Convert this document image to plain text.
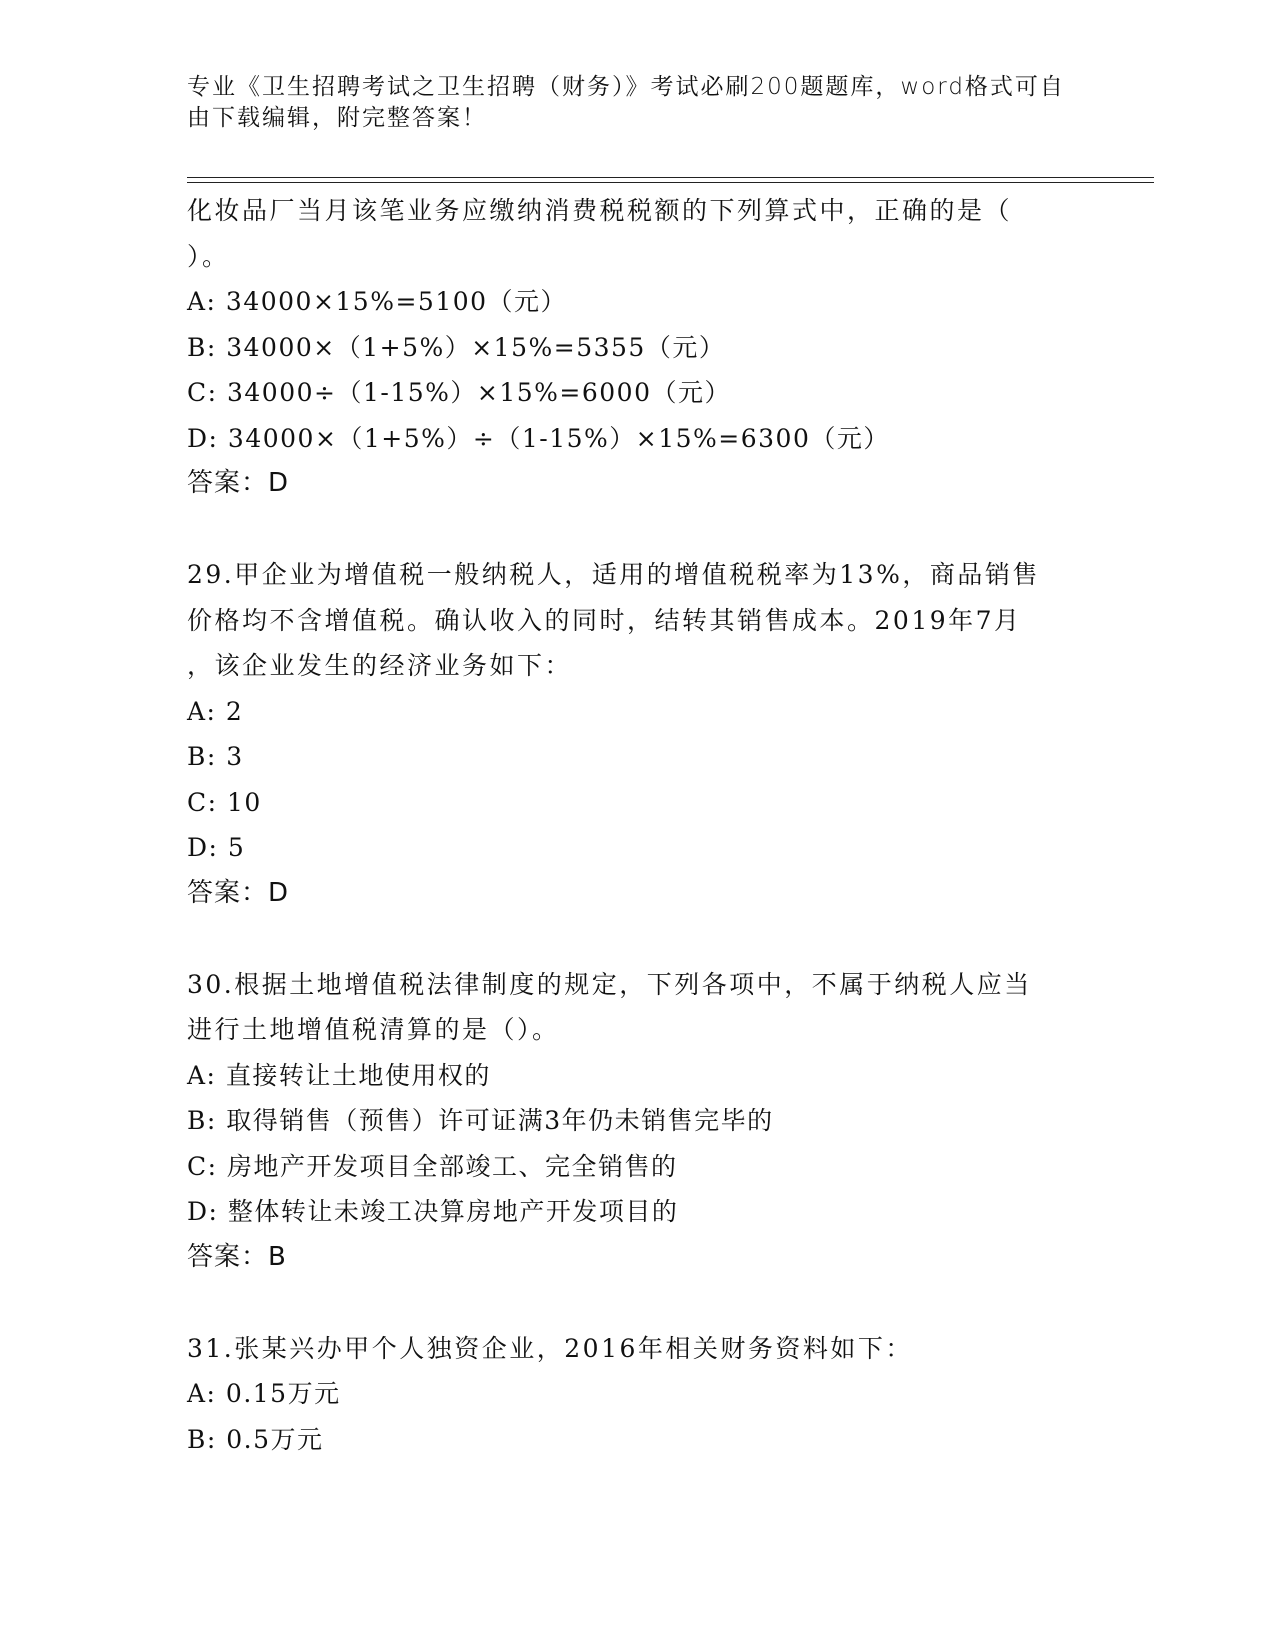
专业《卫生招聘考试之卫生招聘（财务）》考试必刷200题题库，word格式可自
由下载编辑，附完整答案！
化妆品厂当月该笔业务应缴纳消费税税额的下列算式中，正确的是（
）。
A: 34000×15%=5100（元）
B: 34000×（1+5%）×15%=5355（元）
C: 34000÷（1-15%）×15%=6000（元）
D: 34000×（1+5%）÷（1-15%）×15%=6300（元）
答案：D
29.甲企业为增值税一般纳税人，适用的增值税税率为13%，商品销售
价格均不含增值税。确认收入的同时，结转其销售成本。2019年7月
，该企业发生的经济业务如下：
A: 2
B: 3
C: 10
D: 5
答案：D
30.根据土地增值税法律制度的规定，下列各项中，不属于纳税人应当
进行土地增值税清算的是（）。
A: 直接转让土地使用权的
B: 取得销售（预售）许可证满3年仍未销售完毕的
C: 房地产开发项目全部竣工、完全销售的
D: 整体转让未竣工决算房地产开发项目的
答案：B
31.张某兴办甲个人独资企业，2016年相关财务资料如下：
A: 0.15万元
B: 0.5万元
